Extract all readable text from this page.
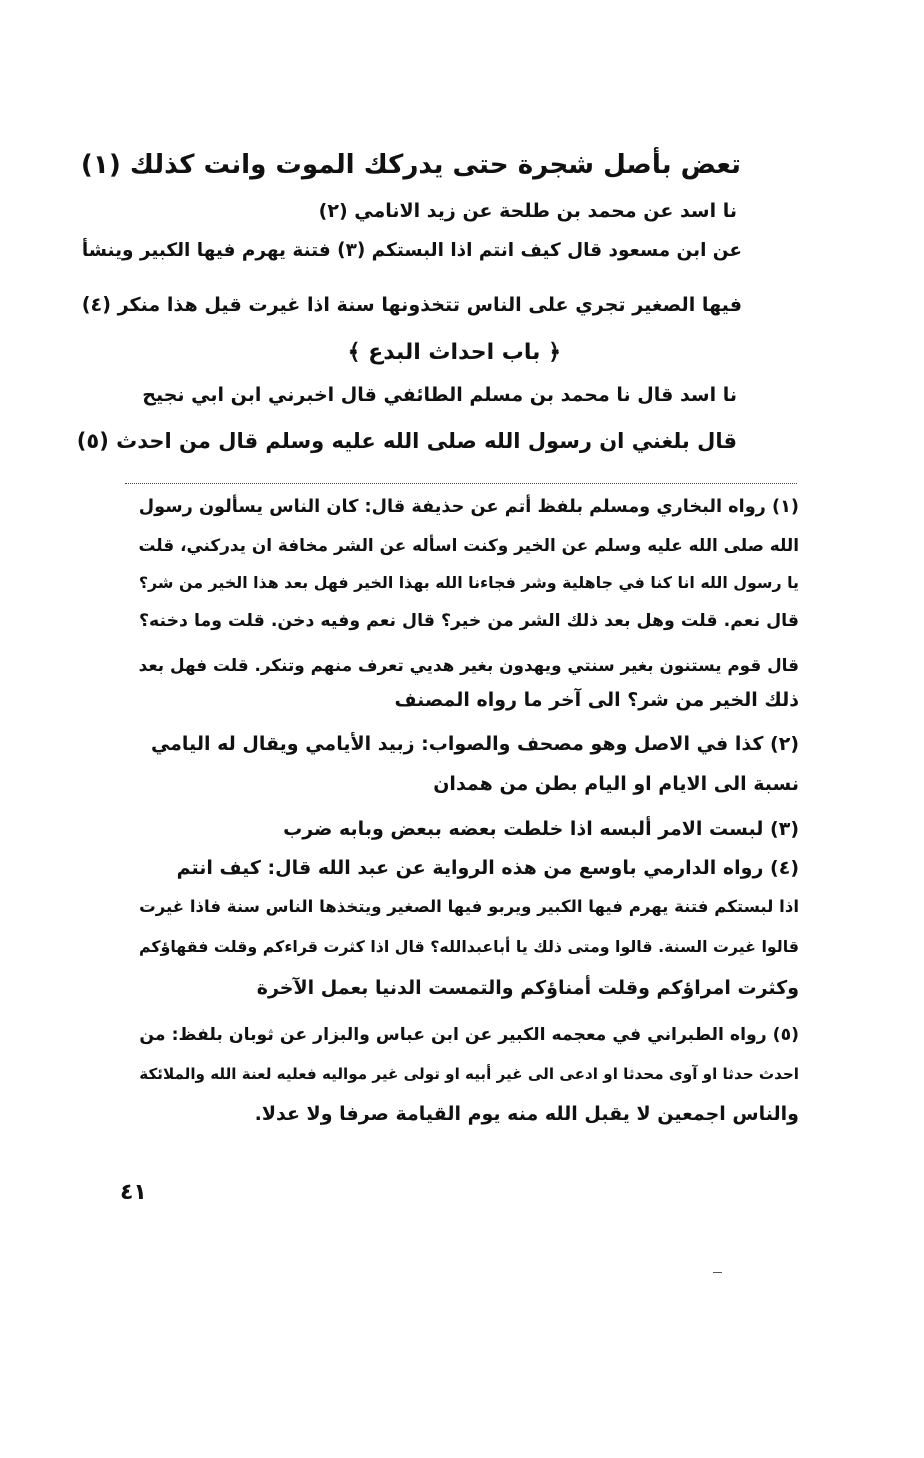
تعض بأصل شجرة حتى يدركك الموت وانت كذلك (١)
نا اسد عن محمد بن طلحة عن زيد الانامي (٢)
عن ابن مسعود قال كيف انتم اذا البستكم (٣) فتنة يهرم فيها الكبير وينشأ
فيها الصغير تجري على الناس تتخذونها سنة اذا غيرت قيل هذا منكر (٤)
﴿ باب احداث البدع ﴾
نا اسد قال نا محمد بن مسلم الطائفي قال اخبرني ابن ابي نجيح
قال بلغني ان رسول الله صلى الله عليه وسلم قال من احدث (٥)
(١) رواه البخاري ومسلم بلفظ أتم عن حذيفة قال: كان الناس يسألون رسول
الله صلى الله عليه وسلم عن الخير وكنت اسأله عن الشر مخافة ان يدركني، قلت
يا رسول الله انا كنا في جاهلية وشر فجاءنا الله بهذا الخير فهل بعد هذا الخير من شر؟
قال نعم. قلت وهل بعد ذلك الشر من خير؟ قال نعم وفيه دخن. قلت وما دخنه؟
قال قوم يستنون بغير سنتي ويهدون بغير هديي تعرف منهم وتنكر. قلت فهل بعد
ذلك الخير من شر؟ الى آخر ما رواه المصنف
(٢) كذا في الاصل وهو مصحف والصواب: زبيد الأيامي ويقال له اليامي
نسبة الى الايام او اليام بطن من همدان
(٣) لبست الامر ألبسه اذا خلطت بعضه ببعض وبابه ضرب
(٤) رواه الدارمي باوسع من هذه الرواية عن عبد الله قال: كيف انتم
اذا لبستكم فتنة يهرم فيها الكبير ويربو فيها الصغير ويتخذها الناس سنة فاذا غيرت
قالوا غيرت السنة. قالوا ومتى ذلك يا أباعبدالله؟ قال اذا كثرت قراءكم وقلت فقهاؤكم
وكثرت امراؤكم وقلت أمناؤكم والتمست الدنيا بعمل الآخرة
(٥) رواه الطبراني في معجمه الكبير عن ابن عباس والبزار عن ثوبان بلفظ: من
احدث حدثا او آوى محدثا او ادعى الى غير أبيه او تولى غير مواليه فعليه لعنة الله والملائكة
والناس اجمعين لا يقبل الله منه يوم القيامة صرفا ولا عدلا.
٤١
